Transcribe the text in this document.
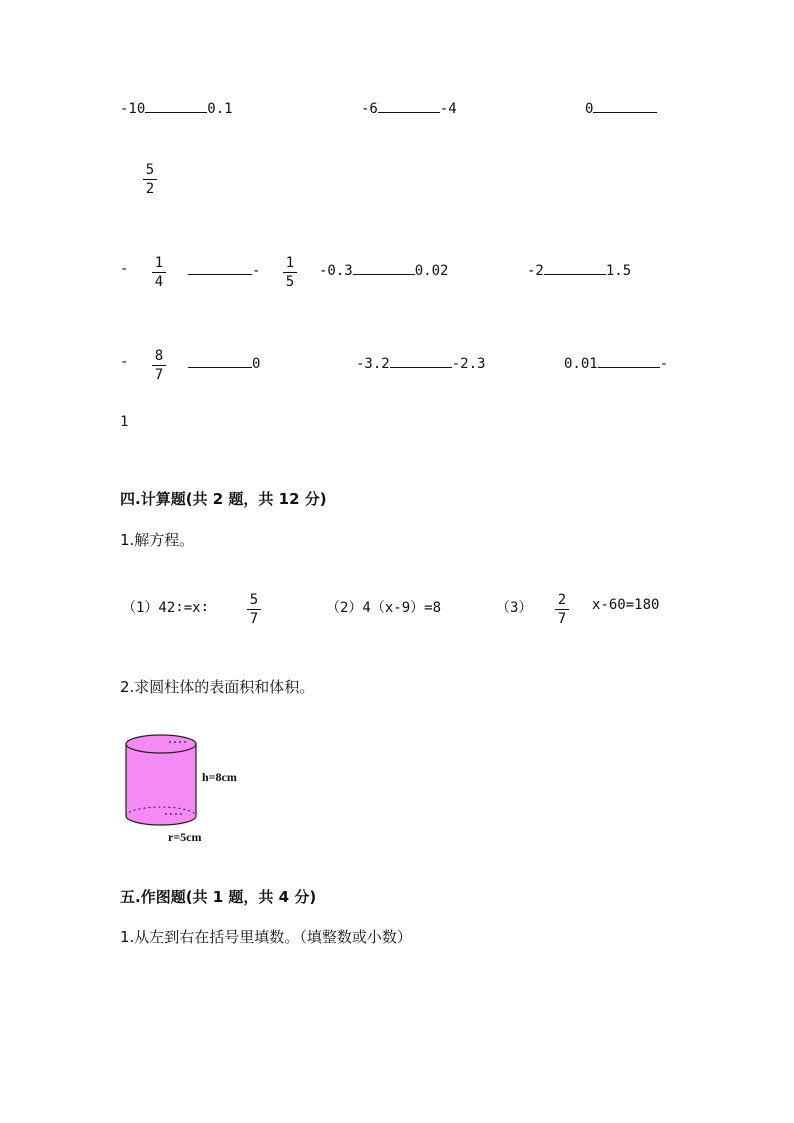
-10	0.1	-6	-4	0
5
2
- 1
4
- 1
5
-0.3	0.02	-2	1.5
- 8
7
0	-3.2	-2.3	0.01	-
1
四.计算题(共 2 题，共 12 分)
1.解方程。
（1）42∶=x∶	5
7
（2）4（x-9）=8	（3） 2
7
x-60=180
2.求圆柱体的表面积和体积。
h=8cm
r=5cm
五.作图题(共 1 题，共 4 分)
1.从左到右在括号里填数。（填整数或小数）
